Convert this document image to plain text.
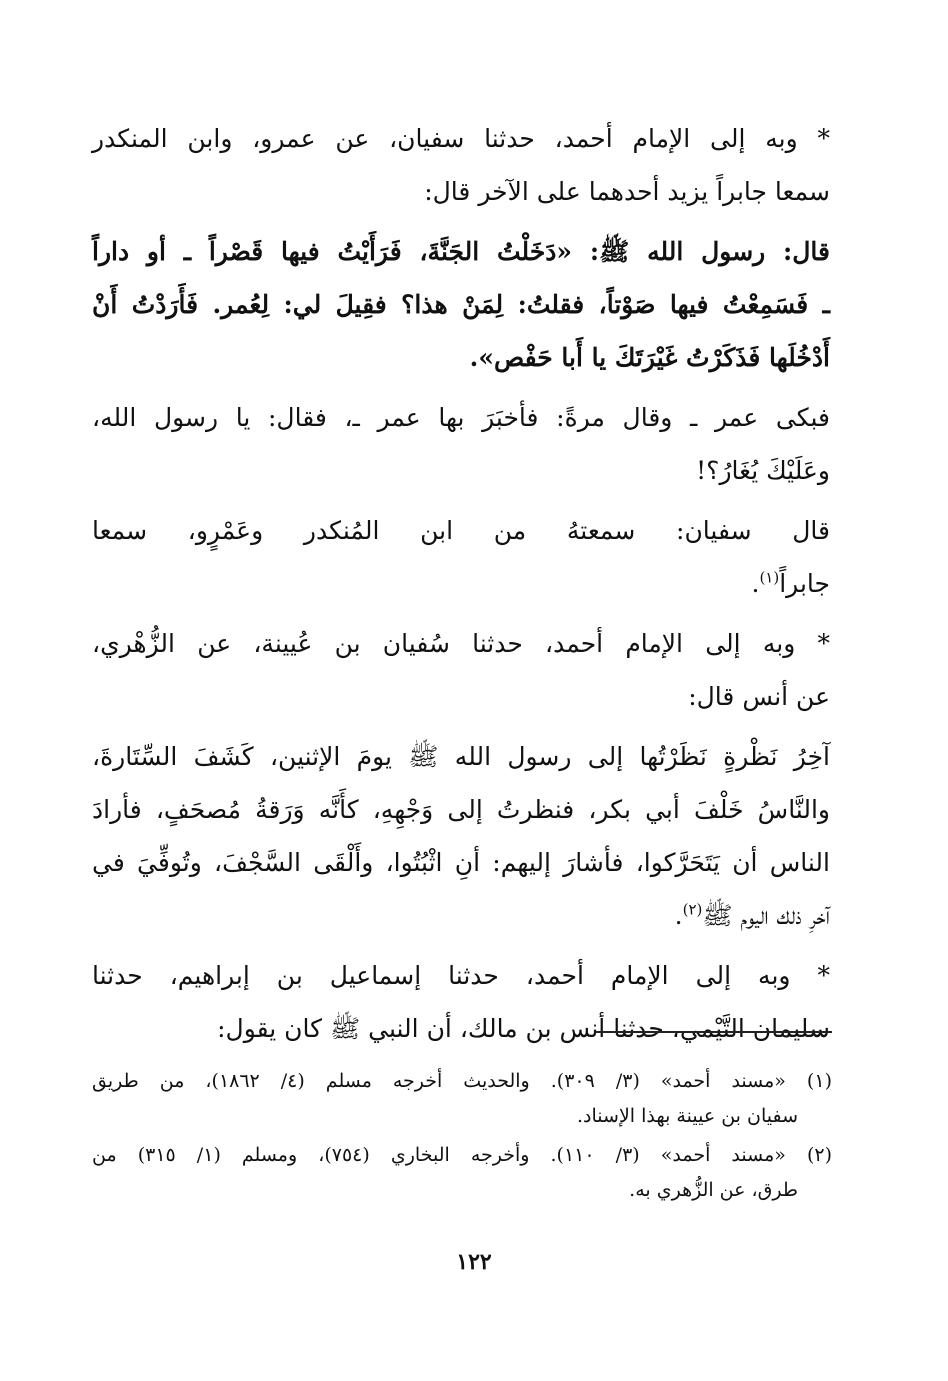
* وبه إلى الإمام أحمد، حدثنا سفيان، عن عمرو، وابن المنكدر
سمعا جابراً يزيد أحدهما على الآخر قال:
قال: رسول الله ﷺ: «دَخَلْتُ الجَنَّةَ، فَرَأَيْتُ فيها قَصْراً ـ أو داراً
ـ فَسَمِعْتُ فيها صَوْتاً، فقلتُ: لِمَنْ هذا؟ فقِيلَ لي: لِعُمر. فَأَرَدْتُ أَنْ
أَدْخُلَها فَذَكَرْتُ غَيْرَتَكَ يا أَبا حَفْص».
فبكى عمر ـ وقال مرةً: فأخبَرَ بها عمر ـ، فقال: يا رسول الله،
وعَلَيْكَ يُغَارُ؟!
قال سفيان: سمعتهُ من ابن المُنكدر وعَمْرٍو، سمعا
جابراً$^{(١)}$.
* وبه إلى الإمام أحمد، حدثنا سُفيان بن عُيينة، عن الزُّهْري،
عن أنس قال:
آخِرُ نَظْرةٍ نَظَرْتُها إلى رسول الله ﷺ يومَ الإثنين، كَشَفَ السِّتَارةَ،
والنَّاسُ خَلْفَ أبي بكر، فنظرتُ إلى وَجْهِهِ، كأَنَّه وَرَقةُ مُصحَفٍ، فأرادَ
الناس أن يَتَحَرَّكوا، فأشارَ إليهم: أنِ اثْبُتُوا، وأَلْقَى السَّجْفَ، وتُوفِّيَ في
آخرِ ذلك اليوم ﷺ$^{(٢)}$.
* وبه إلى الإمام أحمد، حدثنا إسماعيل بن إبراهيم، حدثنا
سليمان التَّيْمي، حدثنا أنس بن مالك، أن النبي ﷺ كان يقول:
(١) «مسند أحمد» (٣/ ٣٠٩). والحديث أخرجه مسلم (٤/ ١٨٦٢)، من طريق
سفيان بن عيينة بهذا الإسناد.
(٢) «مسند أحمد» (٣/ ١١٠). وأخرجه البخاري (٧٥٤)، ومسلم (١/ ٣١٥) من
طرق، عن الزُّهري به.
١٢٢
